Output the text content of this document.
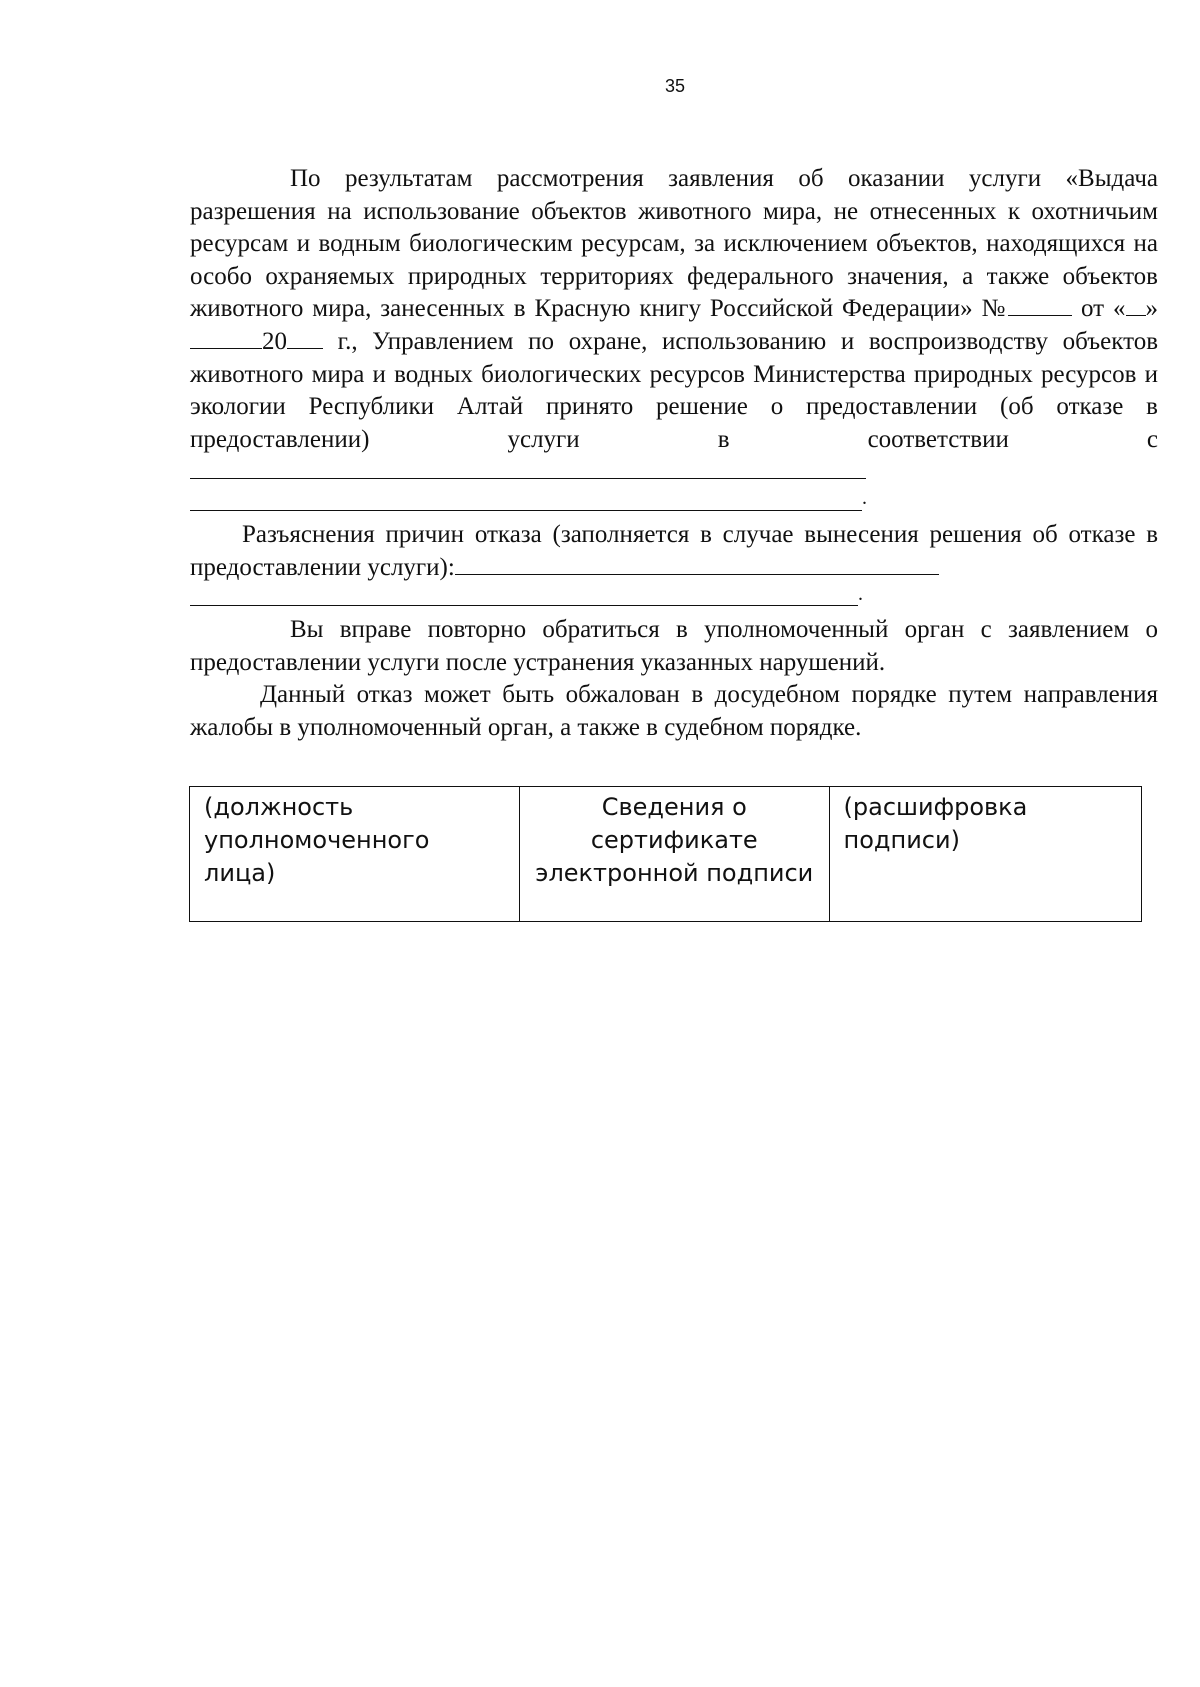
35

По результатам рассмотрения заявления об оказании услуги «Выдача разрешения на использование объектов животного мира, не отнесенных к охотничьим ресурсам и водным биологическим ресурсам, за исключением объектов, находящихся на особо охраняемых природных территориях федерального значения, а также объектов животного мира, занесенных в Красную книгу Российской Федерации» №	от « » 20 г., Управлением по охране, использованию и воспроизводству объектов животного мира и водных биологических ресурсов Министерства природных ресурсов и экологии Республики Алтай принято решение о предоставлении (об отказе в предоставлении) услуги в соответствии с

.

Разъяснения причин отказа (заполняется в случае вынесения решения об отказе в предоставлении услуги):

.

Вы вправе повторно обратиться в уполномоченный орган с заявлением о предоставлении услуги после устранения указанных нарушений.

Данный отказ может быть обжалован в досудебном порядке путем направления жалобы в уполномоченный орган, а также в судебном порядке.

(должность уполномоченного лица)	Сведения о сертификате электронной подписи	(расшифровка подписи)
